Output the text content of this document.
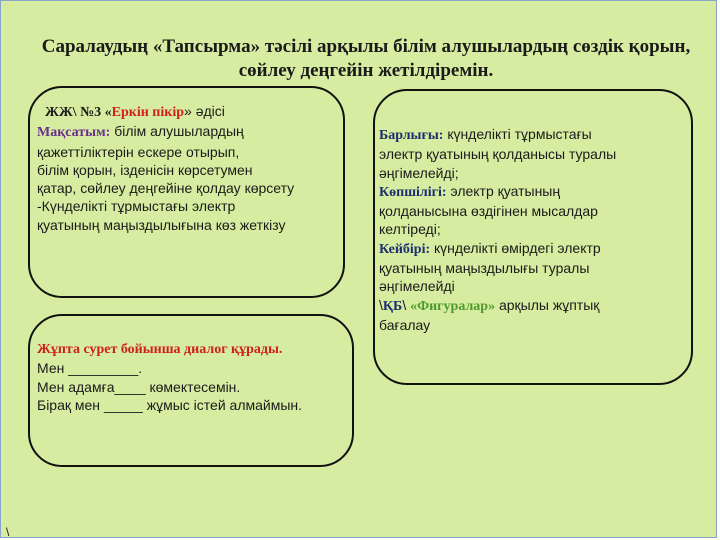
Саралаудың «Тапсырма» тәсілі арқылы білім алушылардың сөздік қорын,
сөйлеу деңгейін жетілдіремін.
ЖЖ\ №3 «Еркін пікір» әдісі
Мақсатым: білім алушылардың
қажеттіліктерін ескере отырып,
білім қорын, ізденісін көрсетумен
қатар, сөйлеу деңгейіне қолдау көрсету
-Күнделікті тұрмыстағы электр
қуатының маңыздылығына көз жеткізу
Барлығы: күнделікті тұрмыстағы
электр қуатының қолданысы туралы
әңгімелейді;
Көпшілігі: электр қуатының
қолданысына өздігінен мысалдар
келтіреді;
Кейбірі: күнделікті өмірдегі электр
қуатының маңыздылығы туралы
әңгімелейді
\ҚБ\ «Фигуралар» арқылы жұптық
бағалау
Жұпта сурет бойынша диалог құрады.
Мен _________.
Мен адамға____ көмектесемін.
Бірақ мен _____ жұмыс істей алмаймын.
\
